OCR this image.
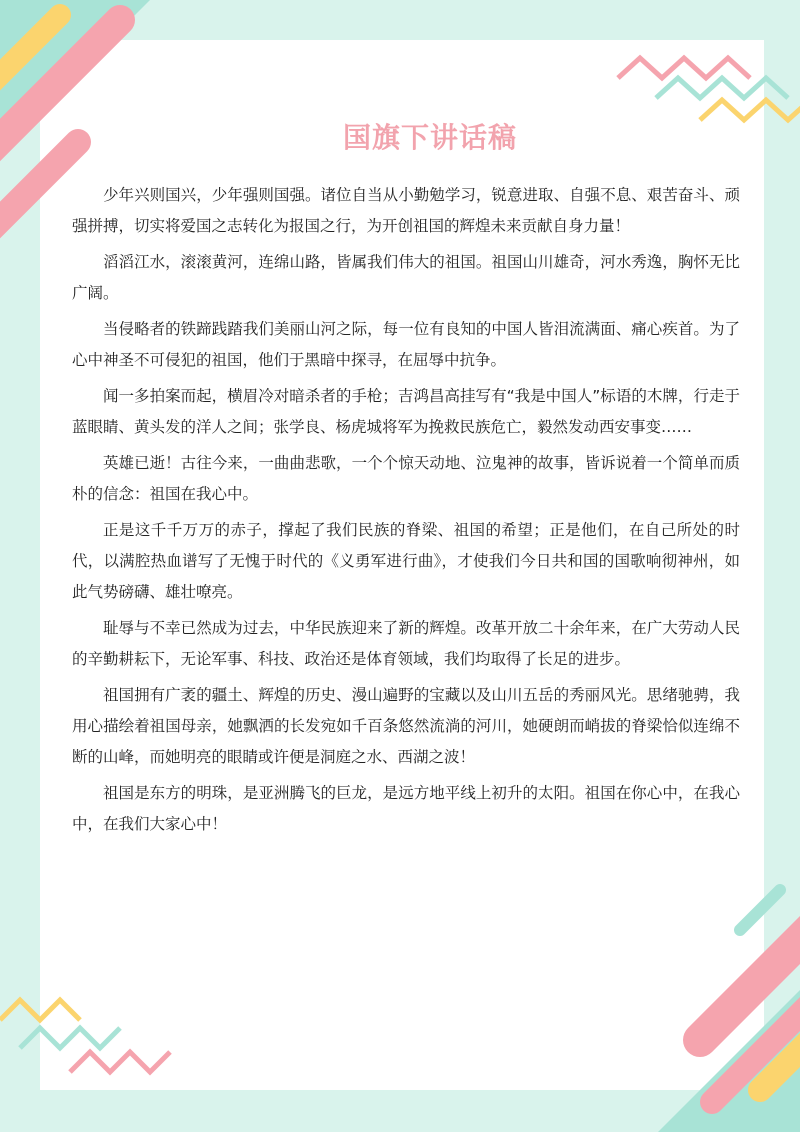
国旗下讲话稿

少年兴则国兴，少年强则国强。诸位自当从小勤勉学习，锐意进取、自强不息、艰苦奋斗、顽强拼搏，切实将爱国之志转化为报国之行，为开创祖国的辉煌未来贡献自身力量！

滔滔江水，滚滚黄河，连绵山路，皆属我们伟大的祖国。祖国山川雄奇，河水秀逸，胸怀无比广阔。

当侵略者的铁蹄践踏我们美丽山河之际，每一位有良知的中国人皆泪流满面、痛心疾首。为了心中神圣不可侵犯的祖国，他们于黑暗中探寻，在屈辱中抗争。

闻一多拍案而起，横眉冷对暗杀者的手枪；吉鸿昌高挂写有“我是中国人”标语的木牌，行走于蓝眼睛、黄头发的洋人之间；张学良、杨虎城将军为挽救民族危亡，毅然发动西安事变……

英雄已逝！古往今来，一曲曲悲歌，一个个惊天动地、泣鬼神的故事，皆诉说着一个简单而质朴的信念：祖国在我心中。

正是这千千万万的赤子，撑起了我们民族的脊梁、祖国的希望；正是他们，在自己所处的时代，以满腔热血谱写了无愧于时代的《义勇军进行曲》，才使我们今日共和国的国歌响彻神州，如此气势磅礴、雄壮嘹亮。

耻辱与不幸已然成为过去，中华民族迎来了新的辉煌。改革开放二十余年来，在广大劳动人民的辛勤耕耘下，无论军事、科技、政治还是体育领域，我们均取得了长足的进步。

祖国拥有广袤的疆土、辉煌的历史、漫山遍野的宝藏以及山川五岳的秀丽风光。思绪驰骋，我用心描绘着祖国母亲，她飘洒的长发宛如千百条悠然流淌的河川，她硬朗而峭拔的脊梁恰似连绵不断的山峰，而她明亮的眼睛或许便是洞庭之水、西湖之波！

祖国是东方的明珠，是亚洲腾飞的巨龙，是远方地平线上初升的太阳。祖国在你心中，在我心中，在我们大家心中！
